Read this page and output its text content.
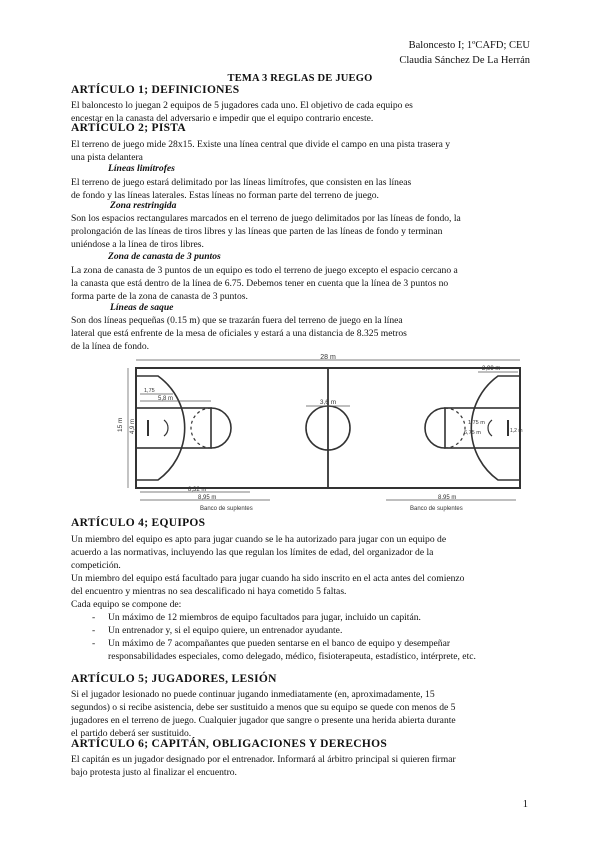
Baloncesto I; 1ºCAFD; CEU
Claudia Sánchez De La Herrán
TEMA 3 REGLAS DE JUEGO
ARTÍCULO 1; DEFINICIONES
El baloncesto lo juegan 2 equipos de 5 jugadores cada uno. El objetivo de cada equipo es
encestar en la canasta del adversario e impedir que el equipo contrario enceste.
ARTÍCULO 2; PISTA
El terreno de juego mide 28x15. Existe una línea central que divide el campo en una pista trasera y
una pista delantera
Líneas limítrofes
El terreno de juego estará delimitado por las líneas limítrofes, que consisten en las líneas
de fondo y las líneas laterales. Estas líneas no forman parte del terreno de juego.
Zona restringida
Son los espacios rectangulares marcados en el terreno de juego delimitados por las líneas de fondo, la
prolongación de las líneas de tiros libres y las líneas que parten de las líneas de fondo y terminan
uniéndose a la línea de tiros libres.
Zona de canasta de 3 puntos
La zona de canasta de 3 puntos de un equipo es todo el terreno de juego excepto el espacio cercano a
la canasta que está dentro de la línea de 6.75. Debemos tener en cuenta que la línea de 3 puntos no
forma parte de la zona de canasta de 3 puntos.
Líneas de saque
Son dos líneas pequeñas (0.15 m) que se trazarán fuera del terreno de juego en la línea
lateral que está enfrente de la mesa de oficiales y estará a una distancia de 8.325 metros
de la línea de fondo.
28 m
15 m
1,75
5,8 m
4,9 m
3,6 m
2,99 m
1,75 m
6,75 m	1,2 m
8,32 m
8,95 m	8.95 m
Banco de suplentes	Banco de suplentes
ARTÍCULO 4; EQUIPOS
Un miembro del equipo es apto para jugar cuando se le ha autorizado para jugar con un equipo de
acuerdo a las normativas, incluyendo las que regulan los límites de edad, del organizador de la
competición.
Un miembro del equipo está facultado para jugar cuando ha sido inscrito en el acta antes del comienzo
del encuentro y mientras no sea descalificado ni haya cometido 5 faltas.
Cada equipo se compone de:
- Un máximo de 12 miembros de equipo facultados para jugar, incluido un capitán.
- Un entrenador y, si el equipo quiere, un entrenador ayudante.
- Un máximo de 7 acompañantes que pueden sentarse en el banco de equipo y desempeñar responsabilidades especiales, como delegado, médico, fisioterapeuta, estadístico, intérprete, etc.
ARTÍCULO 5; JUGADORES, LESIÓN
Si el jugador lesionado no puede continuar jugando inmediatamente (en, aproximadamente, 15
segundos) o si recibe asistencia, debe ser sustituido a menos que su equipo se quede con menos de 5
jugadores en el terreno de juego. Cualquier jugador que sangre o presente una herida abierta durante
el partido deberá ser sustituido.
ARTÍCULO 6; CAPITÁN, OBLIGACIONES Y DERECHOS
El capitán es un jugador designado por el entrenador. Informará al árbitro principal si quieren firmar
bajo protesta justo al finalizar el encuentro.
1
